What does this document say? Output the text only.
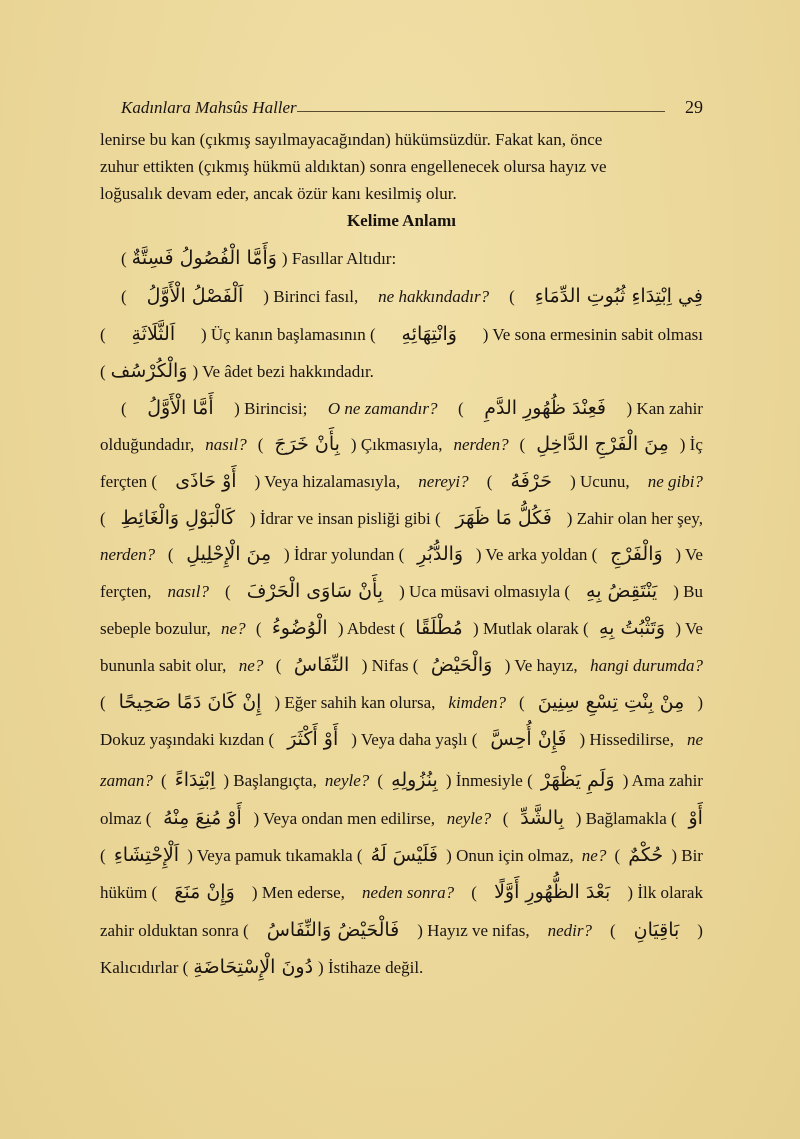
Kadınlara Mahsûs Haller	29
lenirse bu kan (çıkmış sayılmayacağından) hükümsüzdür. Fakat kan, önce
zuhur ettikten (çıkmış hükmü aldıktan) sonra engellenecek olursa hayız ve
loğusalık devam eder, ancak özür kanı kesilmiş olur.
Kelime Anlamı
( وَأَمَّا الْفُصُولُ فَسِتَّةٌ ) Fasıllar Altıdır:
( اَلْفَصْلُ الْأَوَّلُ ) Birinci fasıl, ne hakkındadır? ( فِي اِبْتِدَاءِ ثُبُوتِ الدِّمَاءِ
( اَلثَّلَاثَةِ ) Üç kanın başlamasının ( وَانْتِهَائِهِ ) Ve sona ermesinin sabit olması
( وَالْكُرْسُف ) Ve âdet bezi hakkındadır.
( أَمَّا الْأَوَّلُ ) Birincisi; O ne zamandır? ( فَعِنْدَ ظُهُورِ الدَّمِ ) Kan zahir
olduğundadır, nasıl? ( بِأَنْ خَرَجَ ) Çıkmasıyla, nerden? ( مِنَ الْفَرْجِ الدَّاخِلِ ) İç
ferçten ( أَوْ حَاذَى ) Veya hizalamasıyla, nereyi? ( حَرْفَهُ ) Ucunu, ne gibi?
( كَالْبَوْلِ وَالْغَائِطِ ) İdrar ve insan pisliği gibi ( فَكُلُّ مَا ظَهَرَ ) Zahir olan her şey,
nerden? ( مِنَ الْإِحْلِيلِ ) İdrar yolundan ( وَالدُّبُرِ ) Ve arka yoldan ( وَالْفَرْجِ ) Ve
ferçten, nasıl? ( بِأَنْ سَاوَى الْحَرْفَ ) Uca müsavi olmasıyla ( يَنْتَقِضُ بِهِ ) Bu
sebeple bozulur, ne? ( الْوُضُوءُ ) Abdest ( مُطْلَقًا ) Mutlak olarak ( وَتَثْبُتُ بِهِ ) Ve
bununla sabit olur, ne? ( النِّفَاسُ ) Nifas ( وَالْحَيْضُ ) Ve hayız, hangi durumda?
( إِنْ كَانَ دَمًا صَحِيحًا ) Eğer sahih kan olursa, kimden? ( مِنْ بِنْتِ تِسْعِ سِنِينَ )
Dokuz yaşındaki kızdan ( أَوْ أَكْثَرَ ) Veya daha yaşlı ( فَإِنْ أُحِسَّ ) Hissedilirse, ne
zaman? ( اِبْتِدَاءً ) Başlangıçta, neyle? ( بِنُزُولِهِ ) İnmesiyle ( وَلَمِ يَظْهَرْ ) Ama zahir
olmaz ( أَوْ مُنِعَ مِنْهُ ) Veya ondan men edilirse, neyle? ( بِالشَّدِّ ) Bağlamakla ( أَوْ
( اَلْإِحْتِشَاءِ ) Veya pamuk tıkamakla ( فَلَيْسَ لَهُ ) Onun için olmaz, ne? ( حُكْمٌ ) Bir
hüküm ( وَإِنْ مَنَعَ ) Men ederse, neden sonra? ( بَعْدَ الظُّهُورِ أَوَّلًا ) İlk olarak
zahir olduktan sonra ( فَالْحَيْضُ وَالنِّفَاسُ ) Hayız ve nifas, nedir? ( بَاقِيَانِ )
Kalıcıdırlar ( دُونَ الْإِسْتِحَاضَةِ ) İstihaze değil.
